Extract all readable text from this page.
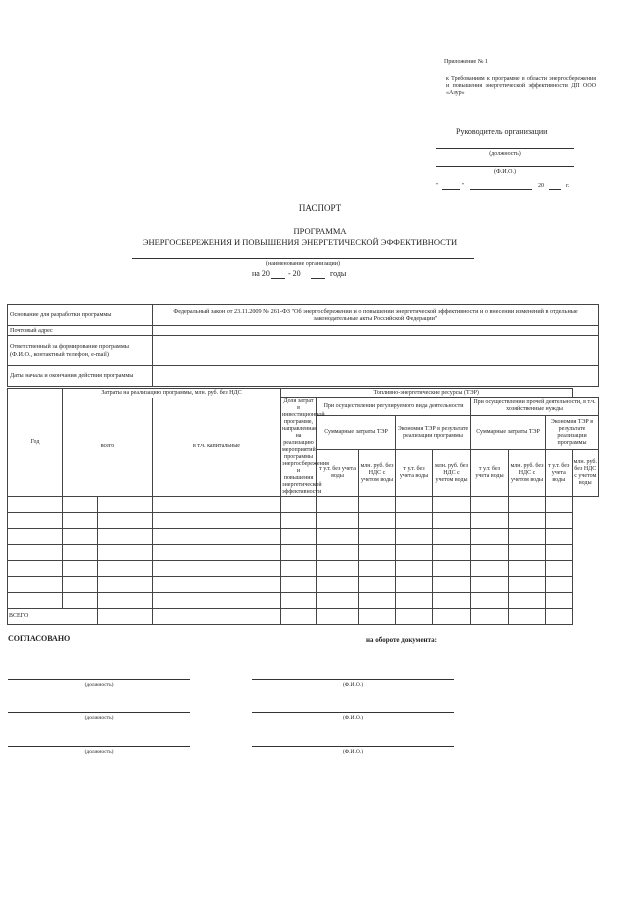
Приложение № 1
к Требованиям к программе в области энергосбережения и повышения энергетической эффективности ДП ООО «Азур»
Руководитель организации
(должность)
(Ф.И.О.)
"	"	20	г.
ПАСПОРТ
ПРОГРАММА
ЭНЕРГОСБЕРЕЖЕНИЯ И ПОВЫШЕНИЯ ЭНЕРГЕТИЧЕСКОЙ ЭФФЕКТИВНОСТИ
(наименование организации)
на 20 - 20	годы
Основание для разработки программы	Федеральный закон от 23.11.2009 № 261-ФЗ "Об энергосбережении и о повышении энергетической эффективности и о внесении изменений в отдельные законодательные акты Российской Федерации"
Почтовый адрес	
Ответственный за формирование программы (Ф.И.О., контактный телефон, e-mail)	
Даты начала и окончания действия программы	
Год	Затраты на реализацию программы, млн. руб. без НДС			Топливно-энергетические ресурсы (ТЭР)								
	всего		в т.ч. капитальные	Доля затрат в инвестиционной программе, направленная на реализацию мероприятий программы энергосбережения и повышения энергетической эффективности	При осуществлении регулируемого вида деятельности				При осуществлении прочей деятельности, в т.ч. хозяйственные нужды			
					Суммарные затраты ТЭР		Экономия ТЭР в результате реализации программы		Суммарные затраты ТЭР		Экономия ТЭР в результате реализации программы	
					т у.т. без учета воды	млн. руб. без НДС с учетом воды	т у.т. без учета воды	млн. руб. без НДС с учетом воды	т у.т. без учета воды	млн. руб. без НДС с учетом воды	т у.т. без учета воды	млн. руб. без НДС с учетом воды

ВСЕГО												
СОГЛАСОВАНО	на обороте документа:
(должность)	(Ф.И.О.)
(должность)	(Ф.И.О.)
(должность)	(Ф.И.О.)
